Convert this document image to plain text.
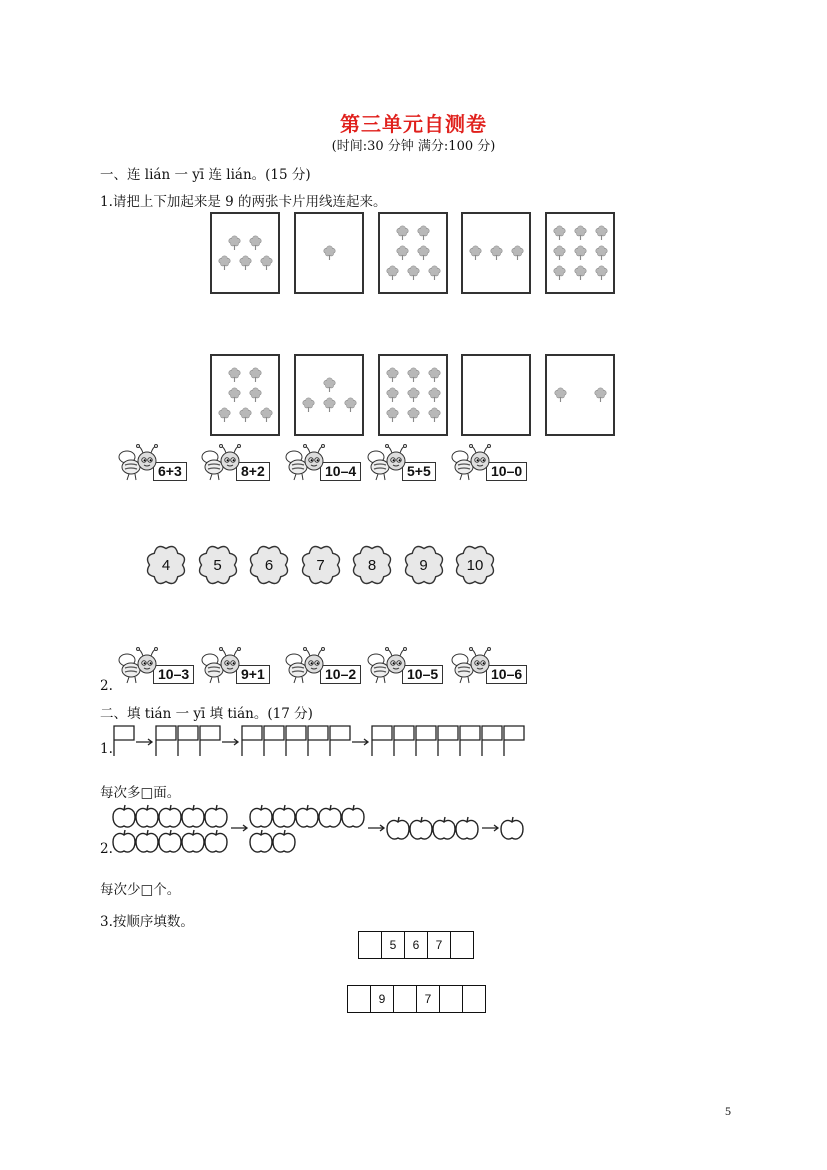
第三单元自测卷
(时间:30 分钟 满分:100 分)
一、连 lián 一 yī 连 lián。(15 分)
1.请把上下加起来是 9 的两张卡片用线连起来。
6+3	8+2	10–4	5+5	10–0
4	5	6	7	8	9	10
2.
10–3	9+1	10–2	10–5	10–6
二、填 tián 一 yī 填 tián。(17 分)
1.
每次多□面。
2.
每次少□个。
3.按顺序填数。
5	6	7
9	7
5
